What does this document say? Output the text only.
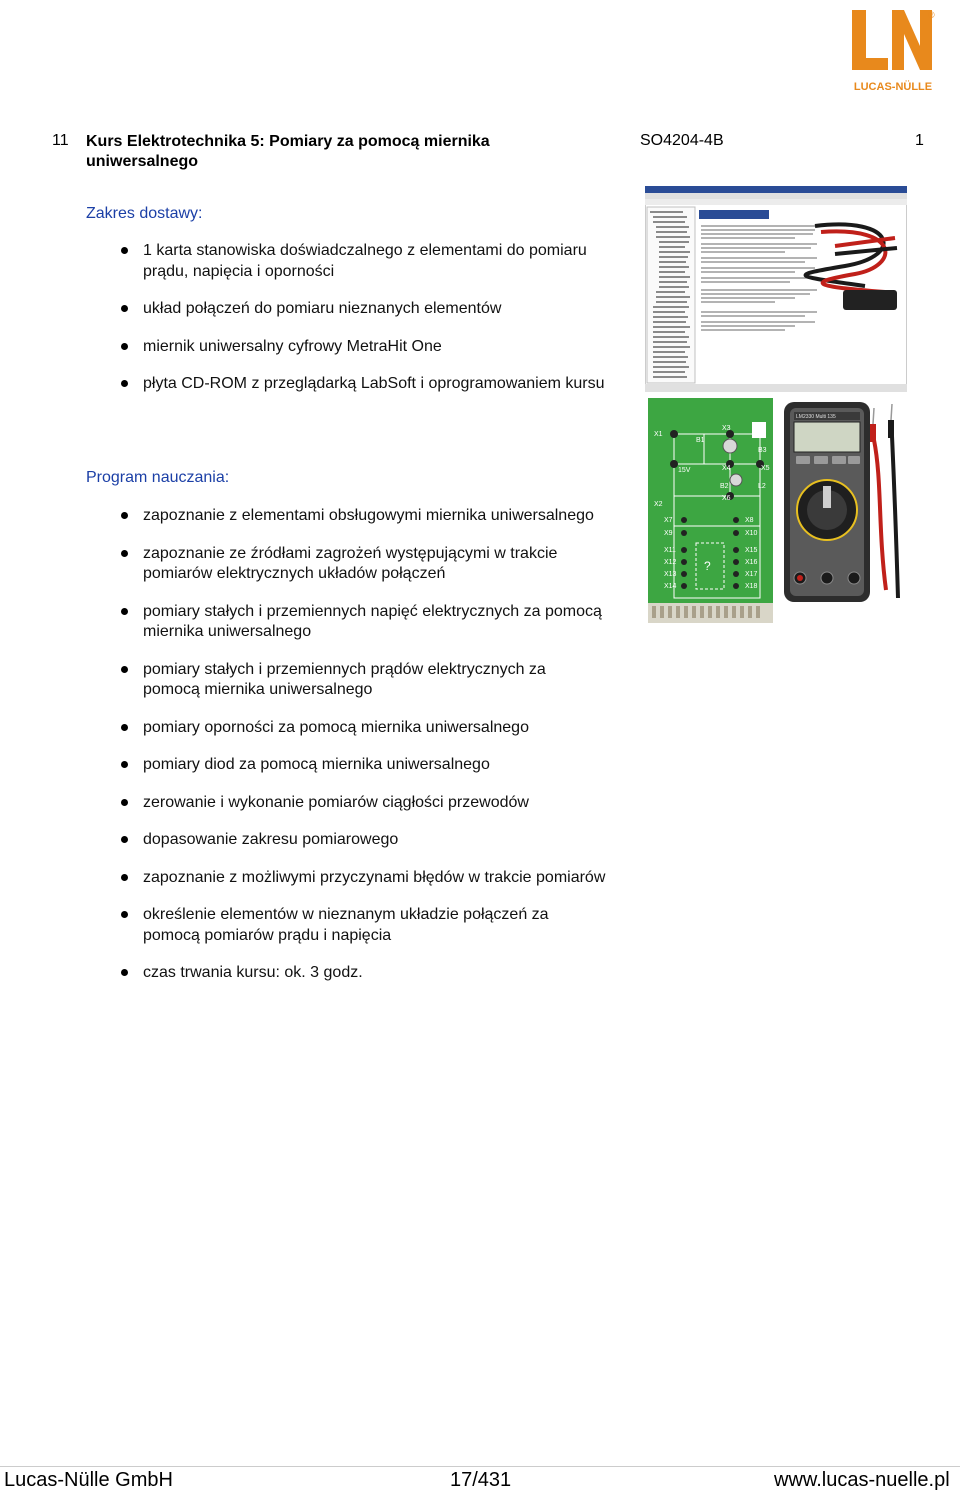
®
LUCAS-NÜLLE
11 Kurs Elektrotechnika 5: Pomiary za pomocą miernika uniwersalnego
SO4204-4B	1
Zakres dostawy:
1 karta stanowiska doświadczalnego z elementami do pomiaru prądu, napięcia i oporności
układ połączeń do pomiaru nieznanych elementów
miernik uniwersalny cyfrowy MetraHit One
płyta CD-ROM z przeglądarką LabSoft i oprogramowaniem kursu
Program nauczania:
zapoznanie z elementami obsługowymi miernika uniwersalnego
zapoznanie ze źródłami zagrożeń występującymi w trakcie pomiarów elektrycznych układów połączeń
pomiary stałych i przemiennych napięć elektrycznych za pomocą miernika uniwersalnego
pomiary stałych i przemiennych prądów elektrycznych za pomocą miernika uniwersalnego
pomiary oporności za pomocą miernika uniwersalnego
pomiary diod za pomocą miernika uniwersalnego
zerowanie i wykonanie pomiarów ciągłości przewodów
dopasowanie zakresu pomiarowego
zapoznanie z możliwymi przyczynami błędów w trakcie pomiarów
określenie elementów w nieznanym układzie połączeń za pomocą pomiarów prądu i napięcia
czas trwania kursu: ok. 3 godz.
X1
X3
X2
X4	X5
X6
X7	X8
X9	X10
X11
X12
X13
X14
X15
X16
X17
X18
B1
B2
B3
15V
L2
?
LM2330 Multi 135
Lucas-Nülle GmbH	17/431	www.lucas-nuelle.pl
